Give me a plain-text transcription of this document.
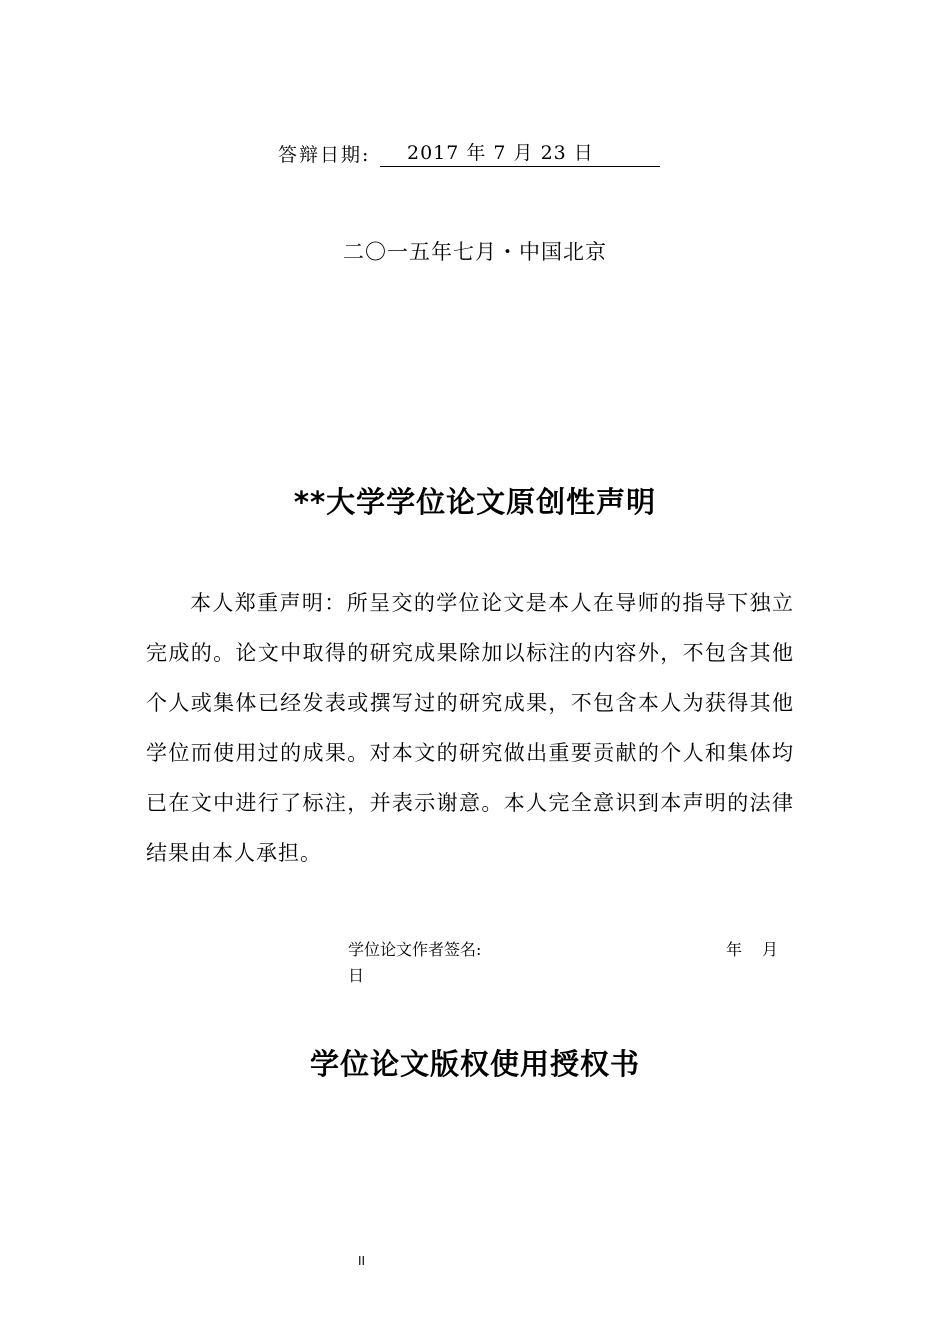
答辩日期: 2017 年 7 月 23 日
二〇一五年七月・中国北京
**大学学位论文原创性声明
本人郑重声明：所呈交的学位论文是本人在导师的指导下独立完成的。论文中取得的研究成果除加以标注的内容外，不包含其他个人或集体已经发表或撰写过的研究成果，不包含本人为获得其他学位而使用过的成果。对本文的研究做出重要贡献的个人和集体均已在文中进行了标注，并表示谢意。本人完全意识到本声明的法律结果由本人承担。
学位论文作者签名:	年 月
日
学位论文版权使用授权书
II
